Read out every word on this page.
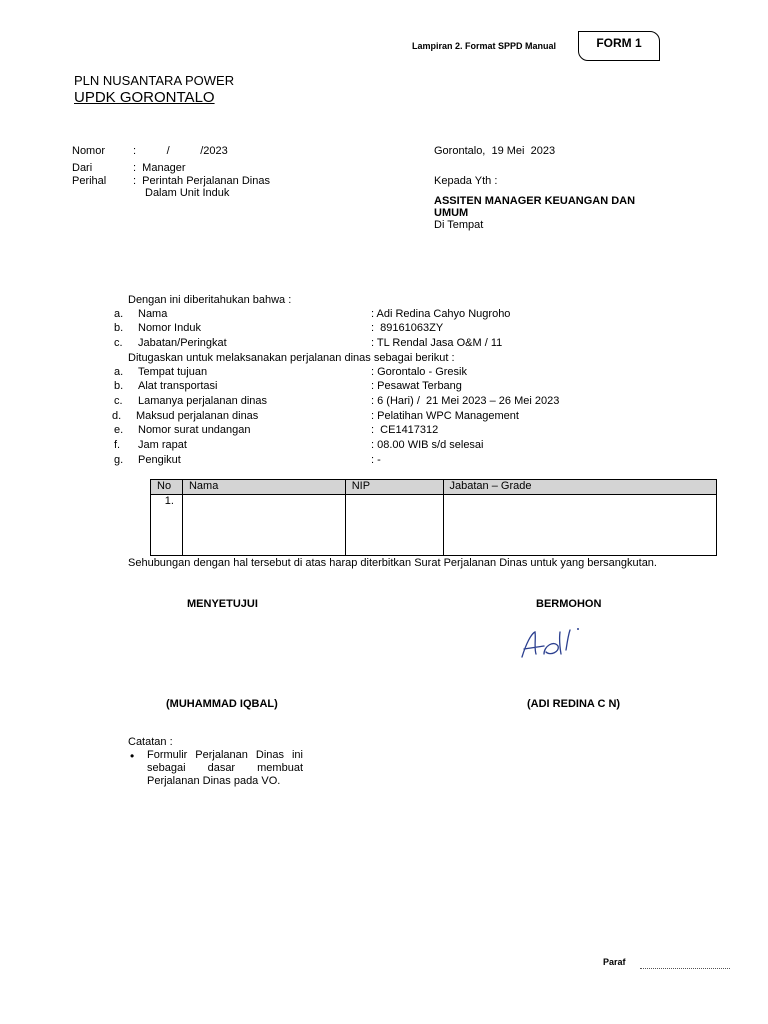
Lampiran 2. Format SPPD Manual	FORM 1
PLN NUSANTARA POWER
UPDK GORONTALO
Nomor	:          /          /2023
Dari	:  Manager
Perihal :  Perintah Perjalanan Dinas
Dalam Unit Induk
Gorontalo,  19 Mei  2023
Kepada Yth :
ASSITEN MANAGER KEUANGAN DAN
UMUM
Di Tempat
Dengan ini diberitahukan bahwa :
a. Nama	: Adi Redina Cahyo Nugroho
b. Nomor Induk	:  89161063ZY
c. Jabatan/Peringkat	: TL Rendal Jasa O&M / 11
Ditugaskan untuk melaksanakan perjalanan dinas sebagai berikut :
a. Tempat tujuan	: Gorontalo - Gresik
b. Alat transportasi	: Pesawat Terbang
c. Lamanya perjalanan dinas	: 6 (Hari) /  21 Mei 2023 – 26 Mei 2023
d. Maksud perjalanan dinas	: Pelatihan WPC Management
e. Nomor surat undangan	:  CE1417312
f. Jam rapat	: 08.00 WIB s/d selesai
g. Pengikut	: -
No	Nama	NIP	Jabatan – Grade
1.			
Sehubungan dengan hal tersebut di atas harap diterbitkan Surat Perjalanan Dinas untuk yang bersangkutan.
MENYETUJUI	BERMOHON
(MUHAMMAD IQBAL)	(ADI REDINA C N)
Catatan :
• Formulir Perjalanan Dinas ini sebagai dasar membuat Perjalanan Dinas pada VO.
Paraf
